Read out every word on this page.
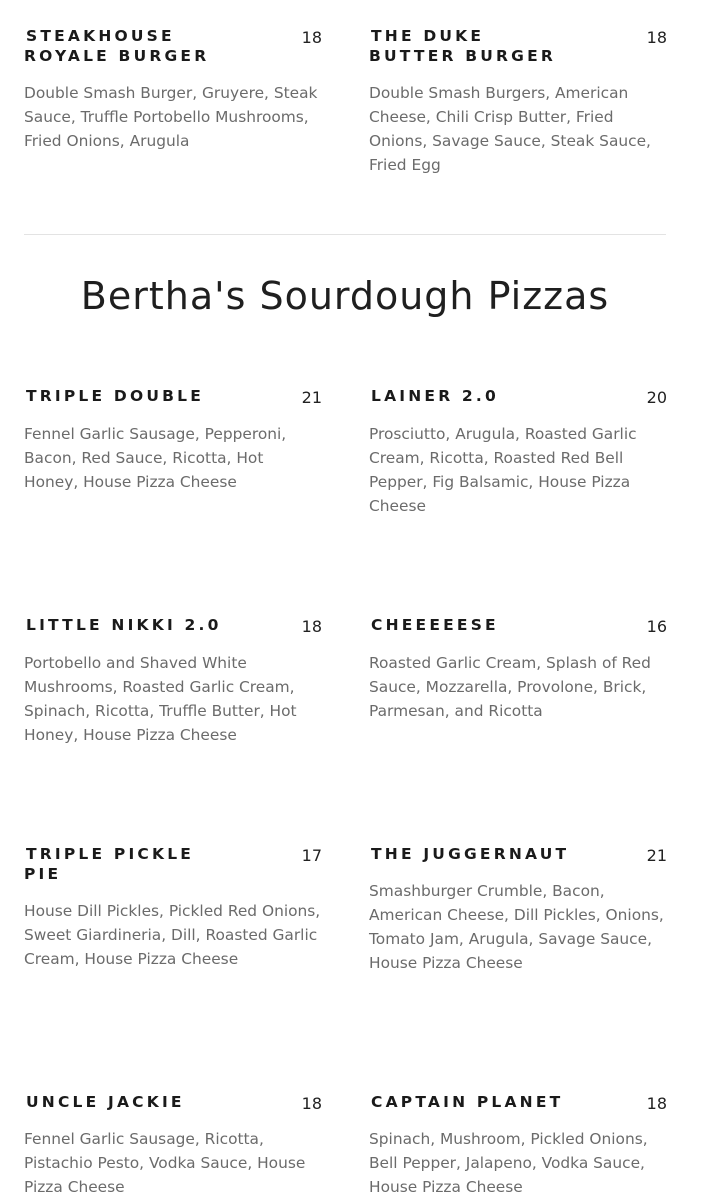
STEAKHOUSE
ROYALE BURGER
18
Double Smash Burger, Gruyere, Steak Sauce, Truffle Portobello Mushrooms, Fried Onions, Arugula
THE DUKE
BUTTER BURGER
18
Double Smash Burgers, American Cheese, Chili Crisp Butter, Fried Onions, Savage Sauce, Steak Sauce, Fried Egg
Bertha's Sourdough Pizzas
TRIPLE DOUBLE	21
Fennel Garlic Sausage, Pepperoni, Bacon, Red Sauce, Ricotta, Hot Honey, House Pizza Cheese
LAINER 2.0	20
Prosciutto, Arugula, Roasted Garlic Cream, Ricotta, Roasted Red Bell Pepper, Fig Balsamic, House Pizza Cheese
LITTLE NIKKI 2.0	18
Portobello and Shaved White Mushrooms, Roasted Garlic Cream, Spinach, Ricotta, Truffle Butter, Hot Honey, House Pizza Cheese
CHEEEEESE	16
Roasted Garlic Cream, Splash of Red Sauce, Mozzarella, Provolone, Brick, Parmesan, and Ricotta
TRIPLE PICKLE
PIE
17
House Dill Pickles, Pickled Red Onions, Sweet Giardineria, Dill, Roasted Garlic Cream, House Pizza Cheese
THE JUGGERNAUT	21
Smashburger Crumble, Bacon, American Cheese, Dill Pickles, Onions, Tomato Jam, Arugula, Savage Sauce, House Pizza Cheese
UNCLE JACKIE	18
Fennel Garlic Sausage, Ricotta, Pistachio Pesto, Vodka Sauce, House Pizza Cheese
CAPTAIN PLANET	18
Spinach, Mushroom, Pickled Onions, Bell Pepper, Jalapeno, Vodka Sauce, House Pizza Cheese
